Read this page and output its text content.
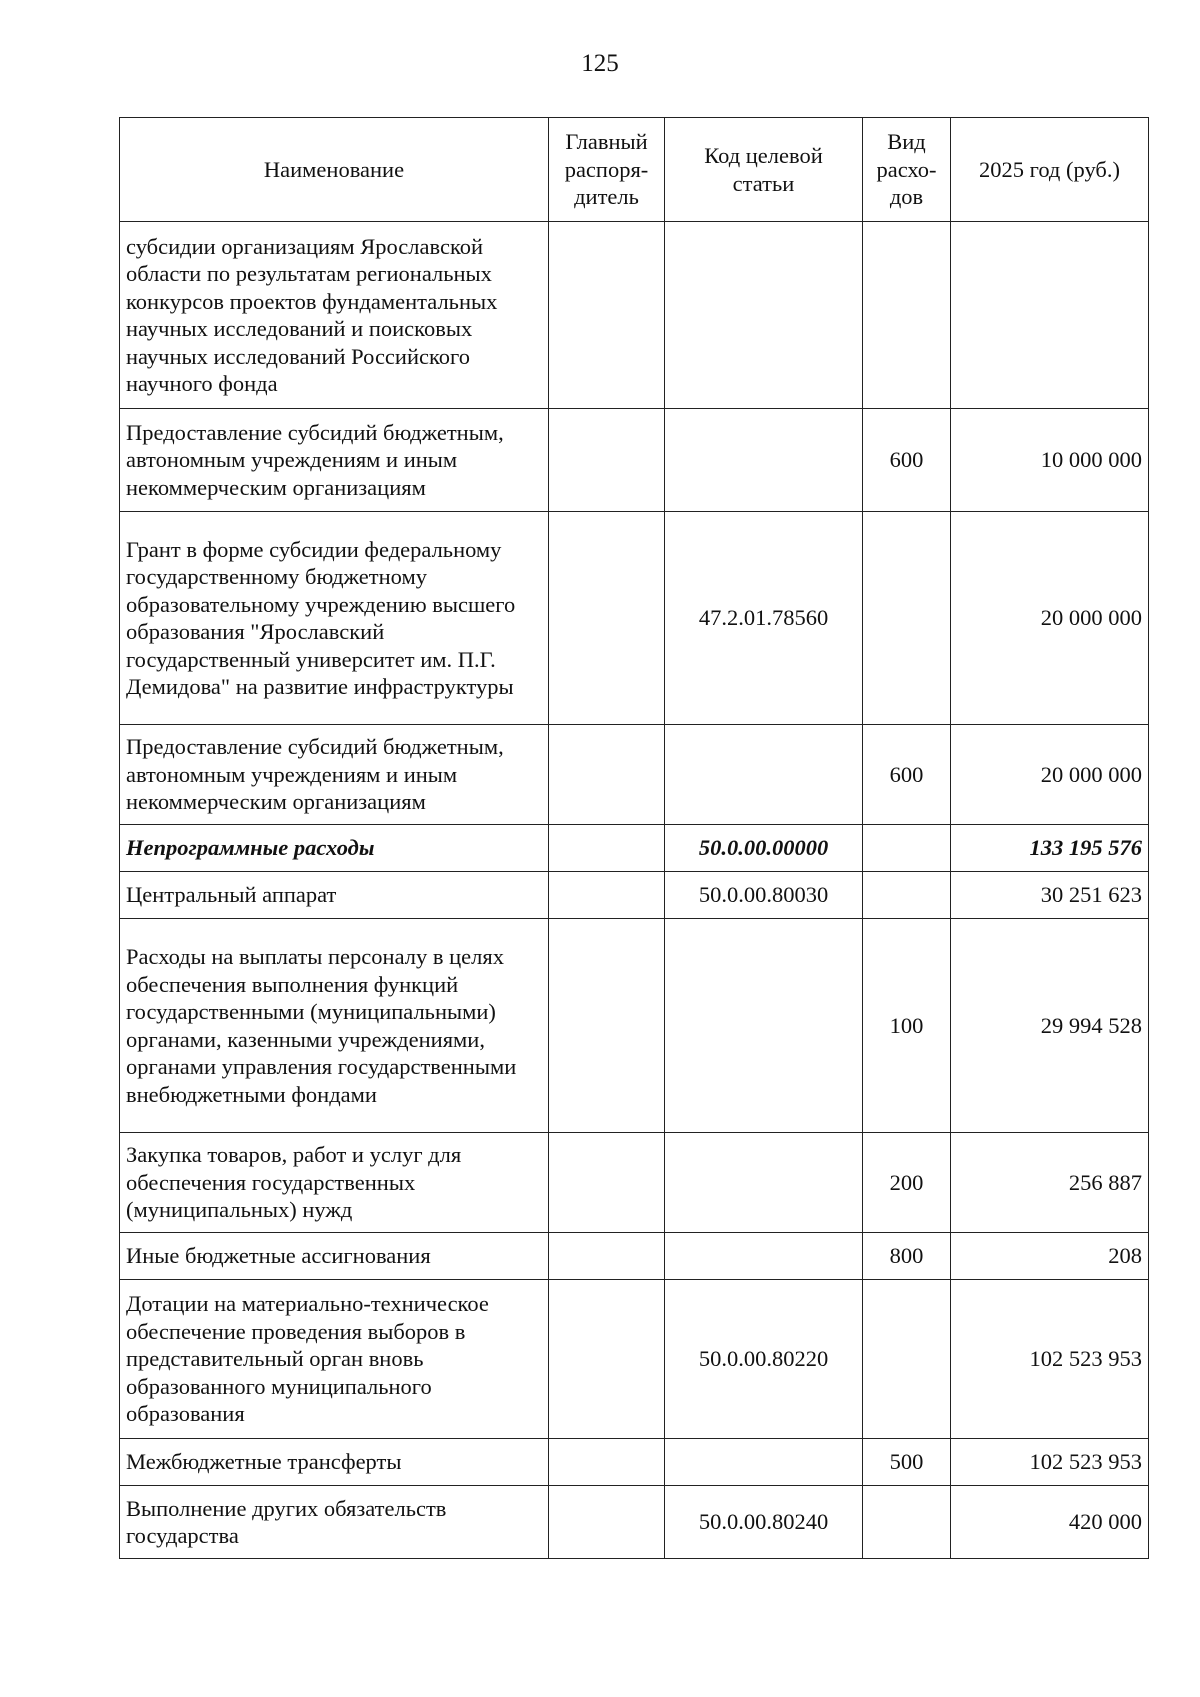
125
Наименование	Главный распоря-дитель	Код целевой статьи	Вид расхо-дов	2025 год (руб.)
субсидии организациям Ярославской области по результатам региональных конкурсов проектов фундаментальных научных исследований и поисковых научных исследований Российского научного фонда				
Предоставление субсидий бюджетным, автономным учреждениям и иным некоммерческим организациям			600	10 000 000
Грант в форме субсидии федеральному государственному бюджетному образовательному учреждению высшего образования "Ярославский государственный университет им. П.Г. Демидова" на развитие инфраструктуры		47.2.01.78560		20 000 000
Предоставление субсидий бюджетным, автономным учреждениям и иным некоммерческим организациям			600	20 000 000
Непрограммные расходы		50.0.00.00000		133 195 576
Центральный аппарат		50.0.00.80030		30 251 623
Расходы на выплаты персоналу в целях обеспечения выполнения функций государственными (муниципальными) органами, казенными учреждениями, органами управления государственными внебюджетными фондами			100	29 994 528
Закупка товаров, работ и услуг для обеспечения государственных (муниципальных) нужд			200	256 887
Иные бюджетные ассигнования			800	208
Дотации на материально-техническое обеспечение проведения выборов в представительный орган вновь образованного муниципального образования		50.0.00.80220		102 523 953
Межбюджетные трансферты			500	102 523 953
Выполнение других обязательств государства		50.0.00.80240		420 000
